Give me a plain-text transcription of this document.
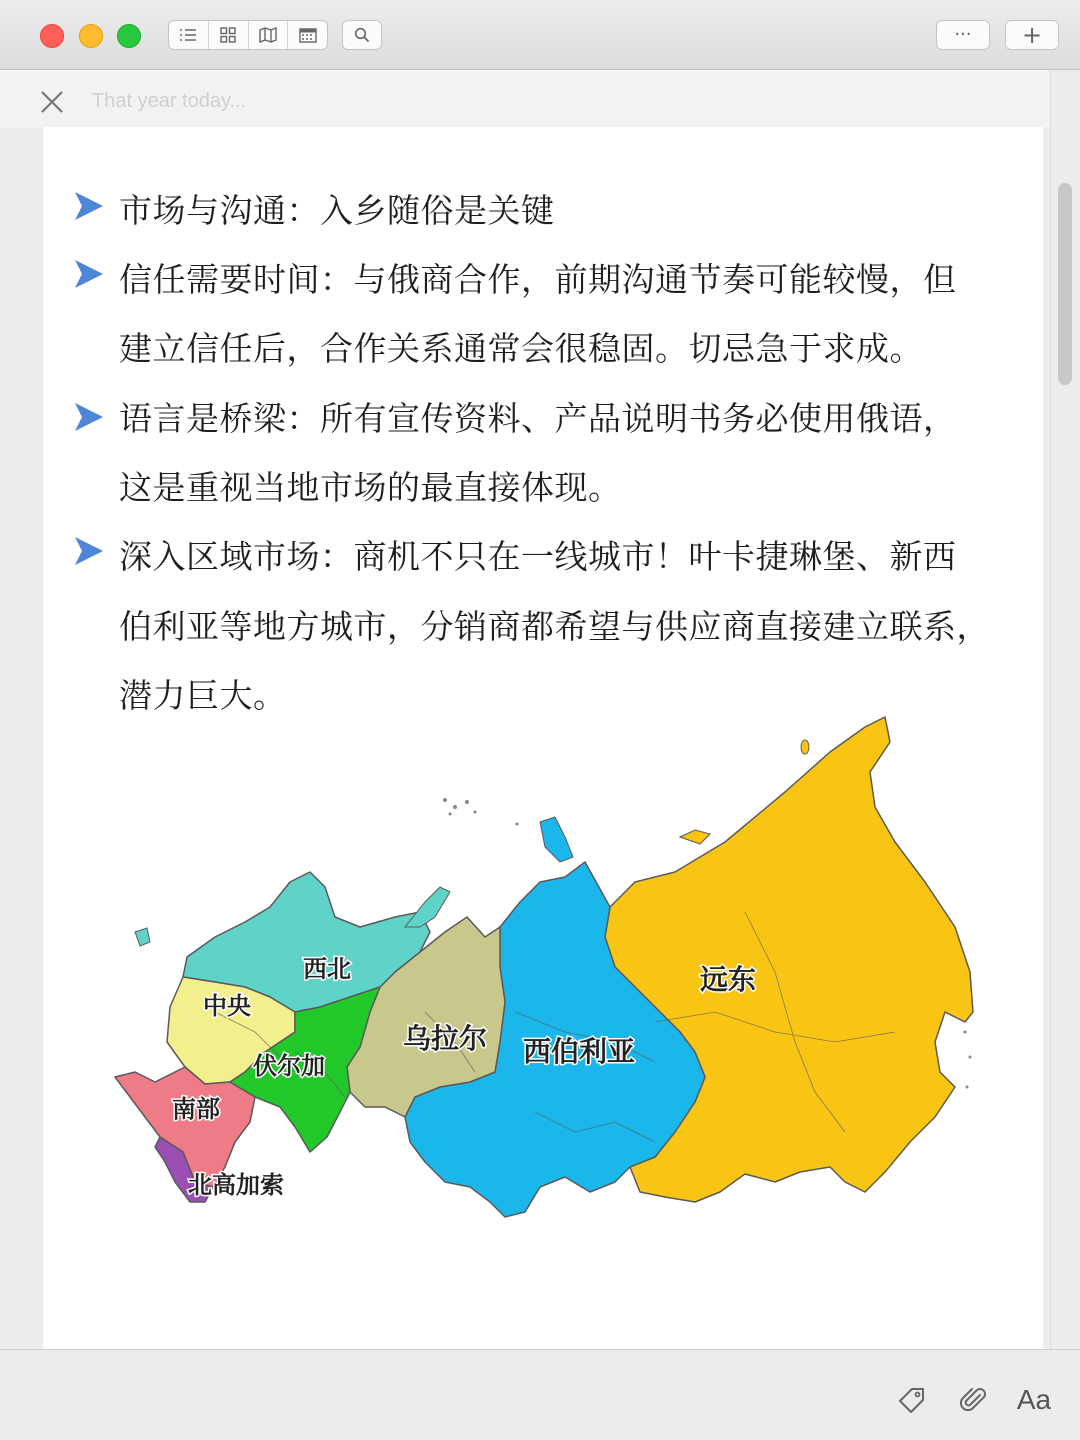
··· +
That year today...
市场与沟通：入乡随俗是关键
信任需要时间：与俄商合作，前期沟通节奏可能较慢，但
建立信任后，合作关系通常会很稳固。切忌急于求成。
语言是桥梁：所有宣传资料、产品说明书务必使用俄语，
这是重视当地市场的最直接体现。
深入区域市场：商机不只在一线城市！叶卡捷琳堡、新西
伯利亚等地方城市，分销商都希望与供应商直接建立联系，
潜力巨大。
西北
中央
伏尔加
南部
北高加索
乌拉尔 西伯利亚
远东
Aa
